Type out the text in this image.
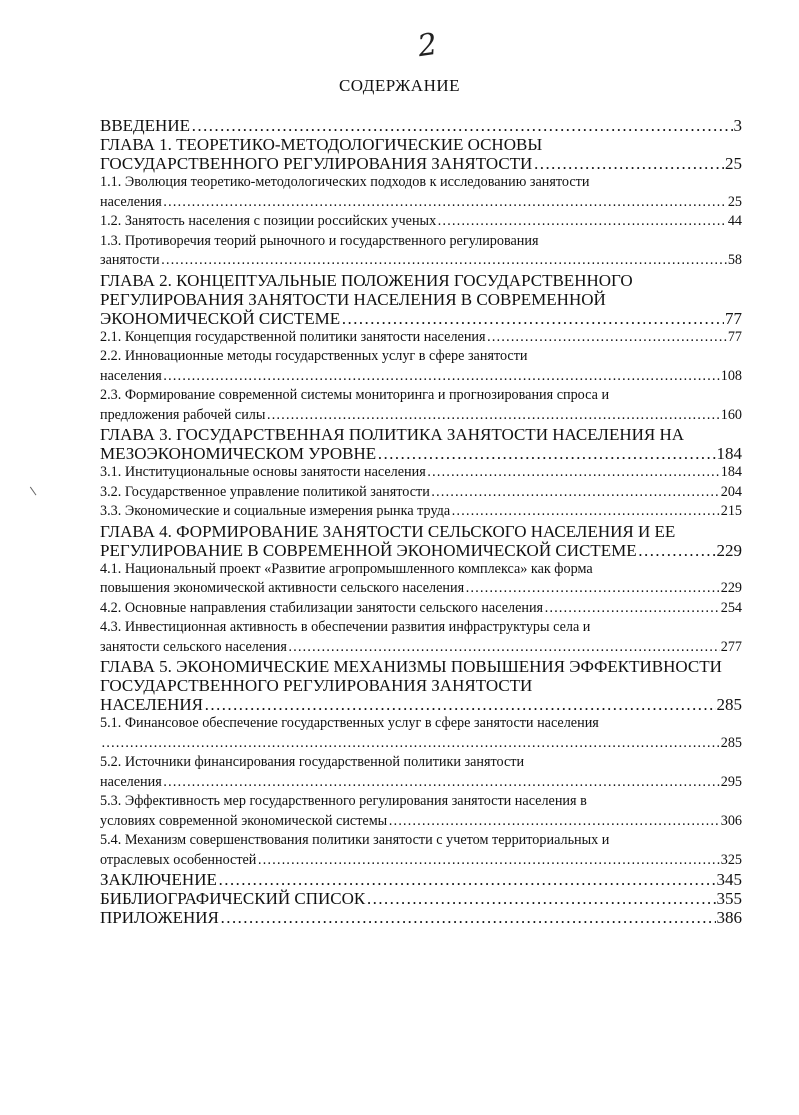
2
СОДЕРЖАНИЕ
ВВЕДЕНИЕ ………………………………………………………………………………………………………………………………………………………………………………………………………………………………………………………	3
ГЛАВА 1. ТЕОРЕТИКО-МЕТОДОЛОГИЧЕСКИЕ ОСНОВЫ
ГОСУДАРСТВЕННОГО РЕГУЛИРОВАНИЯ ЗАНЯТОСТИ ………………………………………………………………………………………………………………………………………………………………………………………………………………………………………………………	25
1.1. Эволюция теоретико-методологических подходов к исследованию занятости
населения ………………………………………………………………………………………………………………………………………………………………………………………………………………………………………………………	25
1.2. Занятость населения с позиции российских ученых ………………………………………………………………………………………………………………………………………………………………………………………………………………………………………………………	44
1.3. Противоречия теорий рыночного и государственного регулирования
занятости ………………………………………………………………………………………………………………………………………………………………………………………………………………………………………………………	58
ГЛАВА 2. КОНЦЕПТУАЛЬНЫЕ ПОЛОЖЕНИЯ ГОСУДАРСТВЕННОГО
РЕГУЛИРОВАНИЯ ЗАНЯТОСТИ НАСЕЛЕНИЯ В СОВРЕМЕННОЙ
ЭКОНОМИЧЕСКОЙ СИСТЕМЕ ………………………………………………………………………………………………………………………………………………………………………………………………………………………………………………………	77
2.1. Концепция государственной политики занятости населения ………………………………………………………………………………………………………………………………………………………………………………………………………………………………………………………	77
2.2. Инновационные методы государственных услуг в сфере занятости
населения ………………………………………………………………………………………………………………………………………………………………………………………………………………………………………………………	108
2.3. Формирование современной системы мониторинга и прогнозирования спроса и
предложения рабочей силы ………………………………………………………………………………………………………………………………………………………………………………………………………………………………………………………	160
ГЛАВА 3. ГОСУДАРСТВЕННАЯ ПОЛИТИКА ЗАНЯТОСТИ НАСЕЛЕНИЯ НА
МЕЗОЭКОНОМИЧЕСКОМ УРОВНЕ ………………………………………………………………………………………………………………………………………………………………………………………………………………………………………………………	184
3.1. Институциональные основы занятости населения ………………………………………………………………………………………………………………………………………………………………………………………………………………………………………………………	184
3.2. Государственное управление политикой занятости ………………………………………………………………………………………………………………………………………………………………………………………………………………………………………………………	204
3.3. Экономические и социальные измерения рынка труда ………………………………………………………………………………………………………………………………………………………………………………………………………………………………………………………	215
ГЛАВА 4. ФОРМИРОВАНИЕ ЗАНЯТОСТИ СЕЛЬСКОГО НАСЕЛЕНИЯ И ЕЕ
РЕГУЛИРОВАНИЕ В СОВРЕМЕННОЙ ЭКОНОМИЧЕСКОЙ СИСТЕМЕ ………………………………………………………………………………………………………………………………………………………………………………………………………………………………………………………	229
4.1. Национальный проект «Развитие агропромышленного комплекса» как форма
повышения экономической активности сельского населения ………………………………………………………………………………………………………………………………………………………………………………………………………………………………………………………	229
4.2. Основные направления стабилизации занятости сельского населения ………………………………………………………………………………………………………………………………………………………………………………………………………………………………………………………	254
4.3. Инвестиционная активность в обеспечении развития инфраструктуры села и
занятости сельского населения ………………………………………………………………………………………………………………………………………………………………………………………………………………………………………………………	277
ГЛАВА 5. ЭКОНОМИЧЕСКИЕ МЕХАНИЗМЫ ПОВЫШЕНИЯ ЭФФЕКТИВНОСТИ
ГОСУДАРСТВЕННОГО РЕГУЛИРОВАНИЯ ЗАНЯТОСТИ
НАСЕЛЕНИЯ ………………………………………………………………………………………………………………………………………………………………………………………………………………………………………………………	285
5.1. Финансовое обеспечение государственных услуг в сфере занятости населения
………………………………………………………………………………………………………………………………………………………………………………………………………………………………………………………
285
5.2. Источники финансирования государственной политики занятости
населения ………………………………………………………………………………………………………………………………………………………………………………………………………………………………………………………	295
5.3. Эффективность мер государственного регулирования занятости населения в
условиях современной экономической системы ………………………………………………………………………………………………………………………………………………………………………………………………………………………………………………………	306
5.4. Механизм совершенствования политики занятости с учетом территориальных и
отраслевых особенностей ………………………………………………………………………………………………………………………………………………………………………………………………………………………………………………………	325
ЗАКЛЮЧЕНИЕ ………………………………………………………………………………………………………………………………………………………………………………………………………………………………………………………	345
БИБЛИОГРАФИЧЕСКИЙ СПИСОК ………………………………………………………………………………………………………………………………………………………………………………………………………………………………………………………	355
ПРИЛОЖЕНИЯ ………………………………………………………………………………………………………………………………………………………………………………………………………………………………………………………	386
